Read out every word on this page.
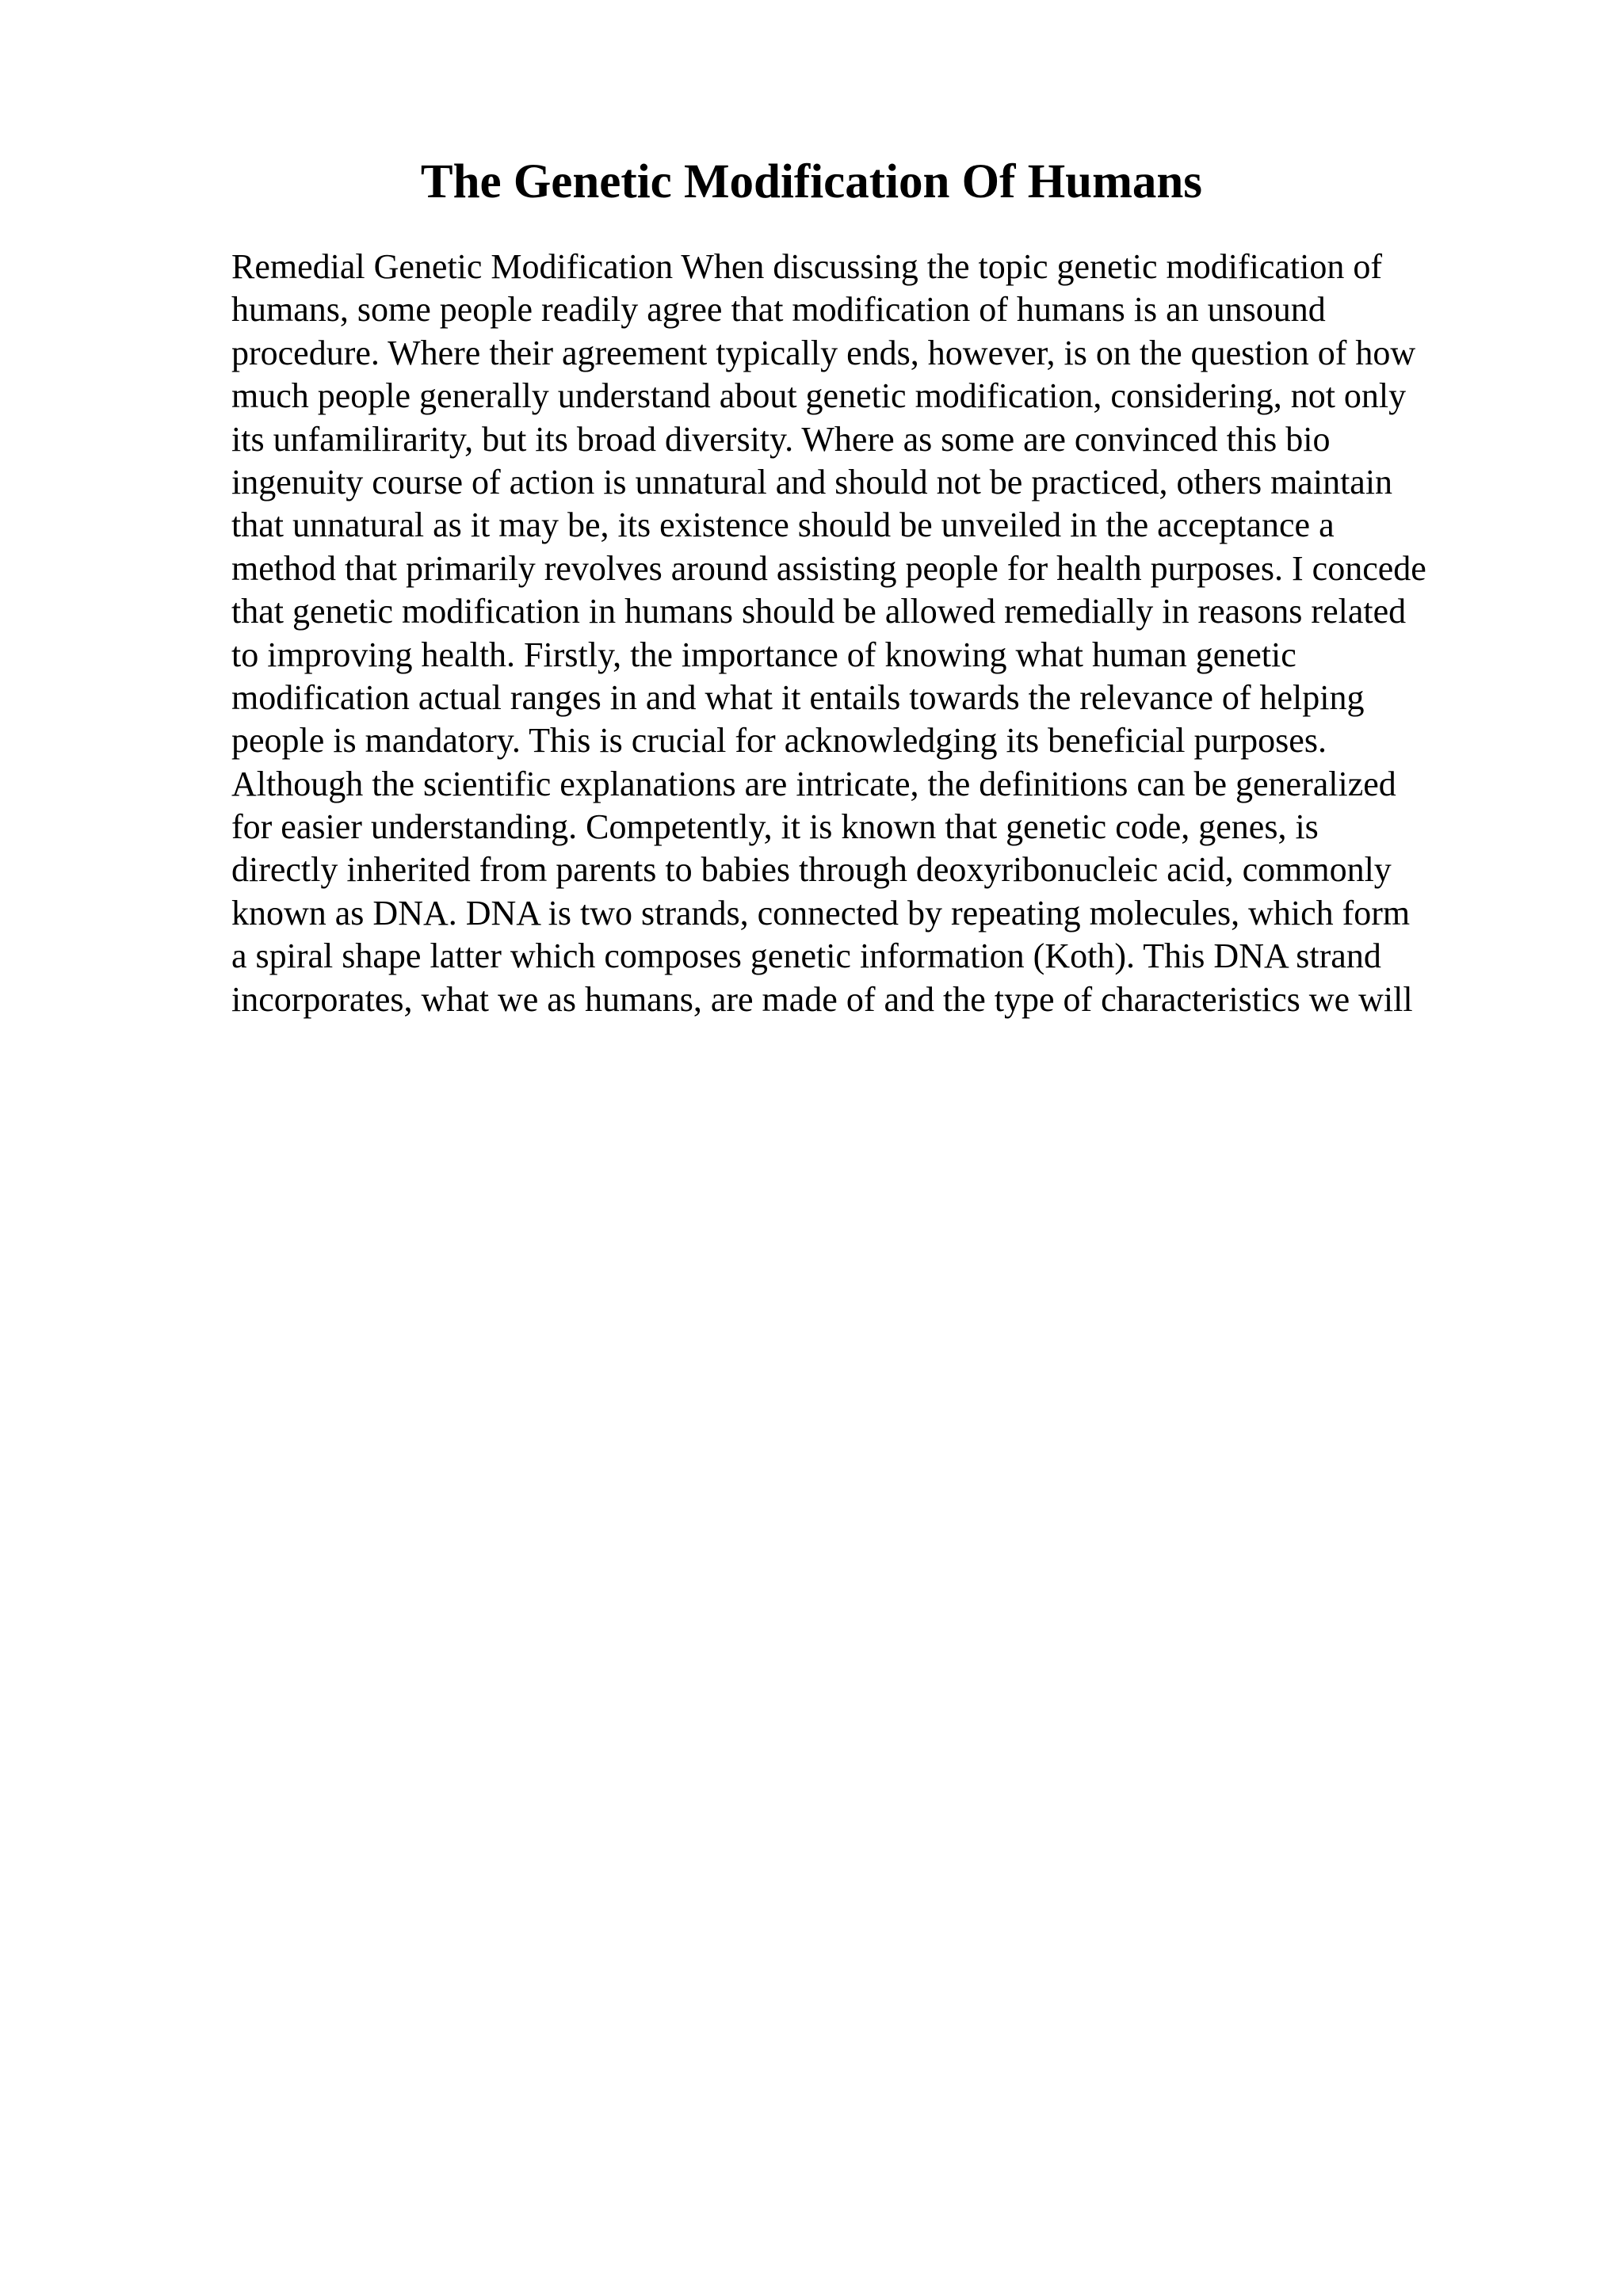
The Genetic Modification Of Humans
Remedial Genetic Modification When discussing the topic genetic modification of
humans, some people readily agree that modification of humans is an unsound
procedure. Where their agreement typically ends, however, is on the question of how
much people generally understand about genetic modification, considering, not only
its unfamilirarity, but its broad diversity. Where as some are convinced this bio
ingenuity course of action is unnatural and should not be practiced, others maintain
that unnatural as it may be, its existence should be unveiled in the acceptance a
method that primarily revolves around assisting people for health purposes. I concede
that genetic modification in humans should be allowed remedially in reasons related
to improving health. Firstly, the importance of knowing what human genetic
modification actual ranges in and what it entails towards the relevance of helping
people is mandatory. This is crucial for acknowledging its beneficial purposes.
Although the scientific explanations are intricate, the definitions can be generalized
for easier understanding. Competently, it is known that genetic code, genes, is
directly inherited from parents to babies through deoxyribonucleic acid, commonly
known as DNA. DNA is two strands, connected by repeating molecules, which form
a spiral shape latter which composes genetic information (Koth). This DNA strand
incorporates, what we as humans, are made of and the type of characteristics we will
